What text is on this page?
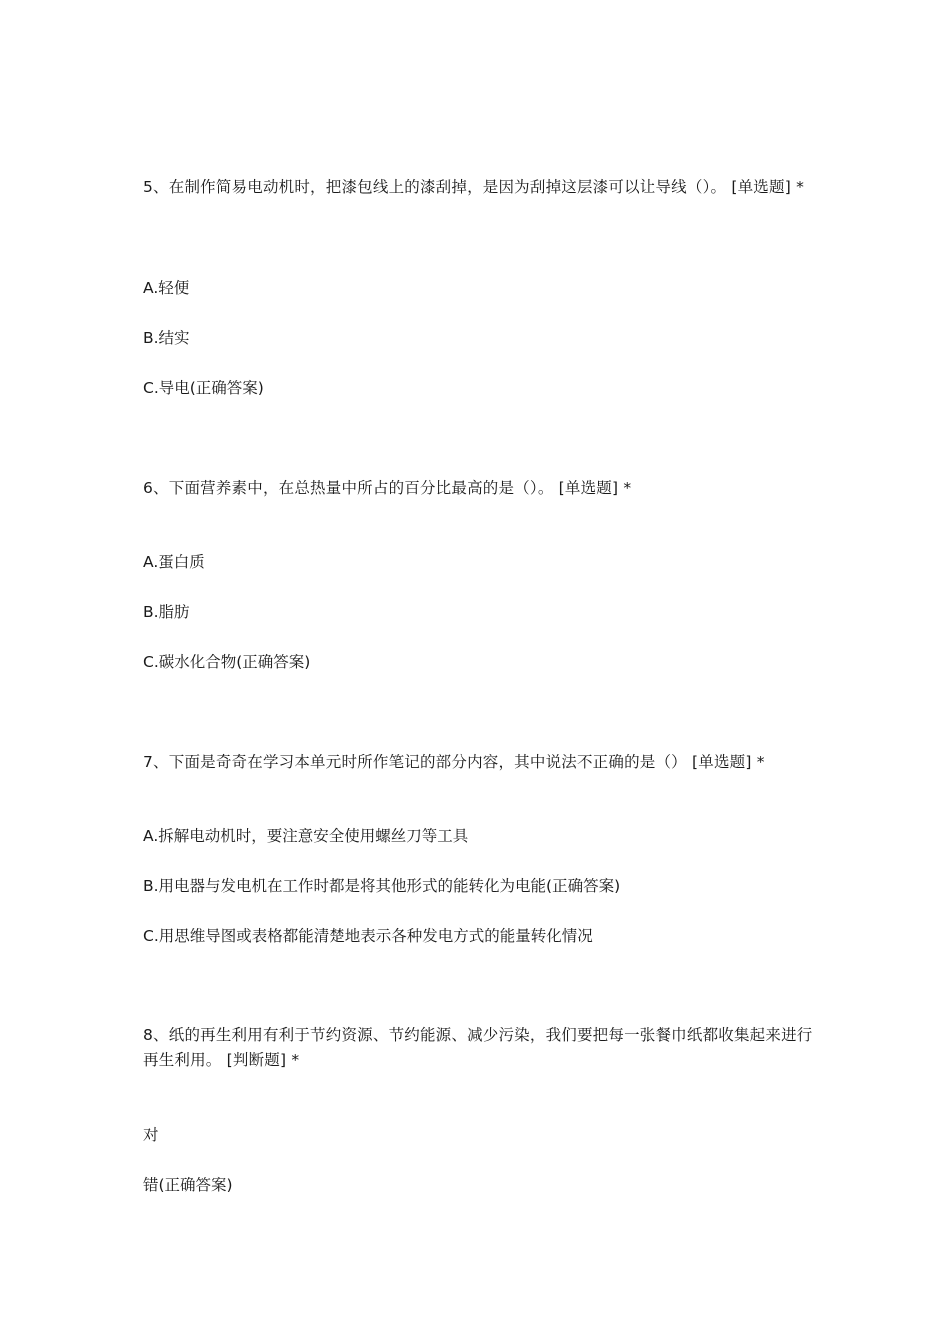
5、在制作简易电动机时，把漆包线上的漆刮掉，是因为刮掉这层漆可以让导线（）。 [单选题] *
A.轻便
B.结实
C.导电(正确答案)
6、下面营养素中，在总热量中所占的百分比最高的是（）。 [单选题] *
A.蛋白质
B.脂肪
C.碳水化合物(正确答案)
7、下面是奇奇在学习本单元时所作笔记的部分内容，其中说法不正确的是（） [单选题] *
A.拆解电动机时，要注意安全使用螺丝刀等工具
B.用电器与发电机在工作时都是将其他形式的能转化为电能(正确答案)
C.用思维导图或表格都能清楚地表示各种发电方式的能量转化情况
8、纸的再生利用有利于节约资源、节约能源、减少污染，我们要把每一张餐巾纸都收集起来进行再生利用。 [判断题] *
对
错(正确答案)
